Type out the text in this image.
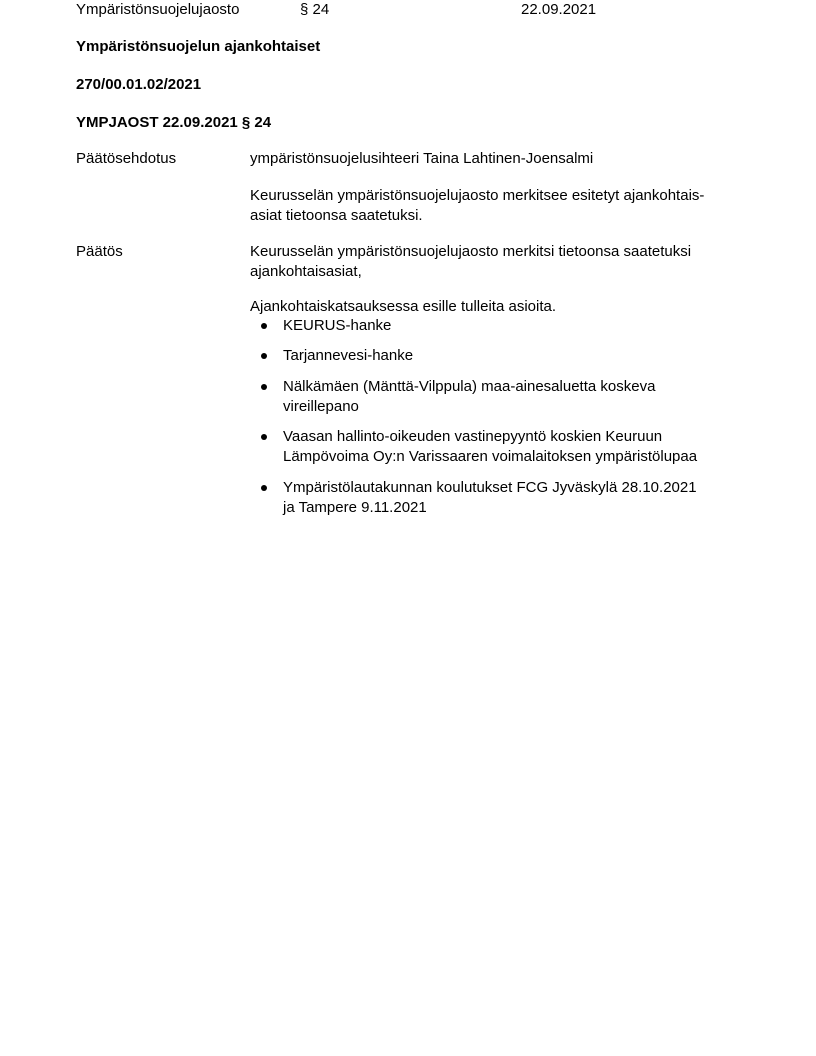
Ympäristönsuojelujaosto	§ 24	22.09.2021
Ympäristönsuojelun ajankohtaiset
270/00.01.02/2021
YMPJAOST 22.09.2021 § 24
Päätösehdotus	ympäristönsuojelusihteeri Taina Lahtinen-Joensalmi

Keurusselän ympäristönsuojelujaosto merkitsee esitetyt ajankohtais-

asiat tietoonsa saatetuksi.

Päätös	Keurusselän ympäristönsuojelujaosto merkitsi tietoonsa saatetuksi

ajankohtaisasiat,

Ajankohtaiskatsauksessa esille tulleita asioita.
KEURUS-hanke
Tarjannevesi-hanke
Nälkämäen (Mänttä-Vilppula) maa-ainesaluetta koskeva
vireillepano
Vaasan hallinto-oikeuden vastinepyyntö koskien Keuruun
Lämpövoima Oy:n Varissaaren voimalaitoksen ympäristölupaa
Ympäristölautakunnan koulutukset FCG Jyväskylä 28.10.2021
ja Tampere 9.11.2021
